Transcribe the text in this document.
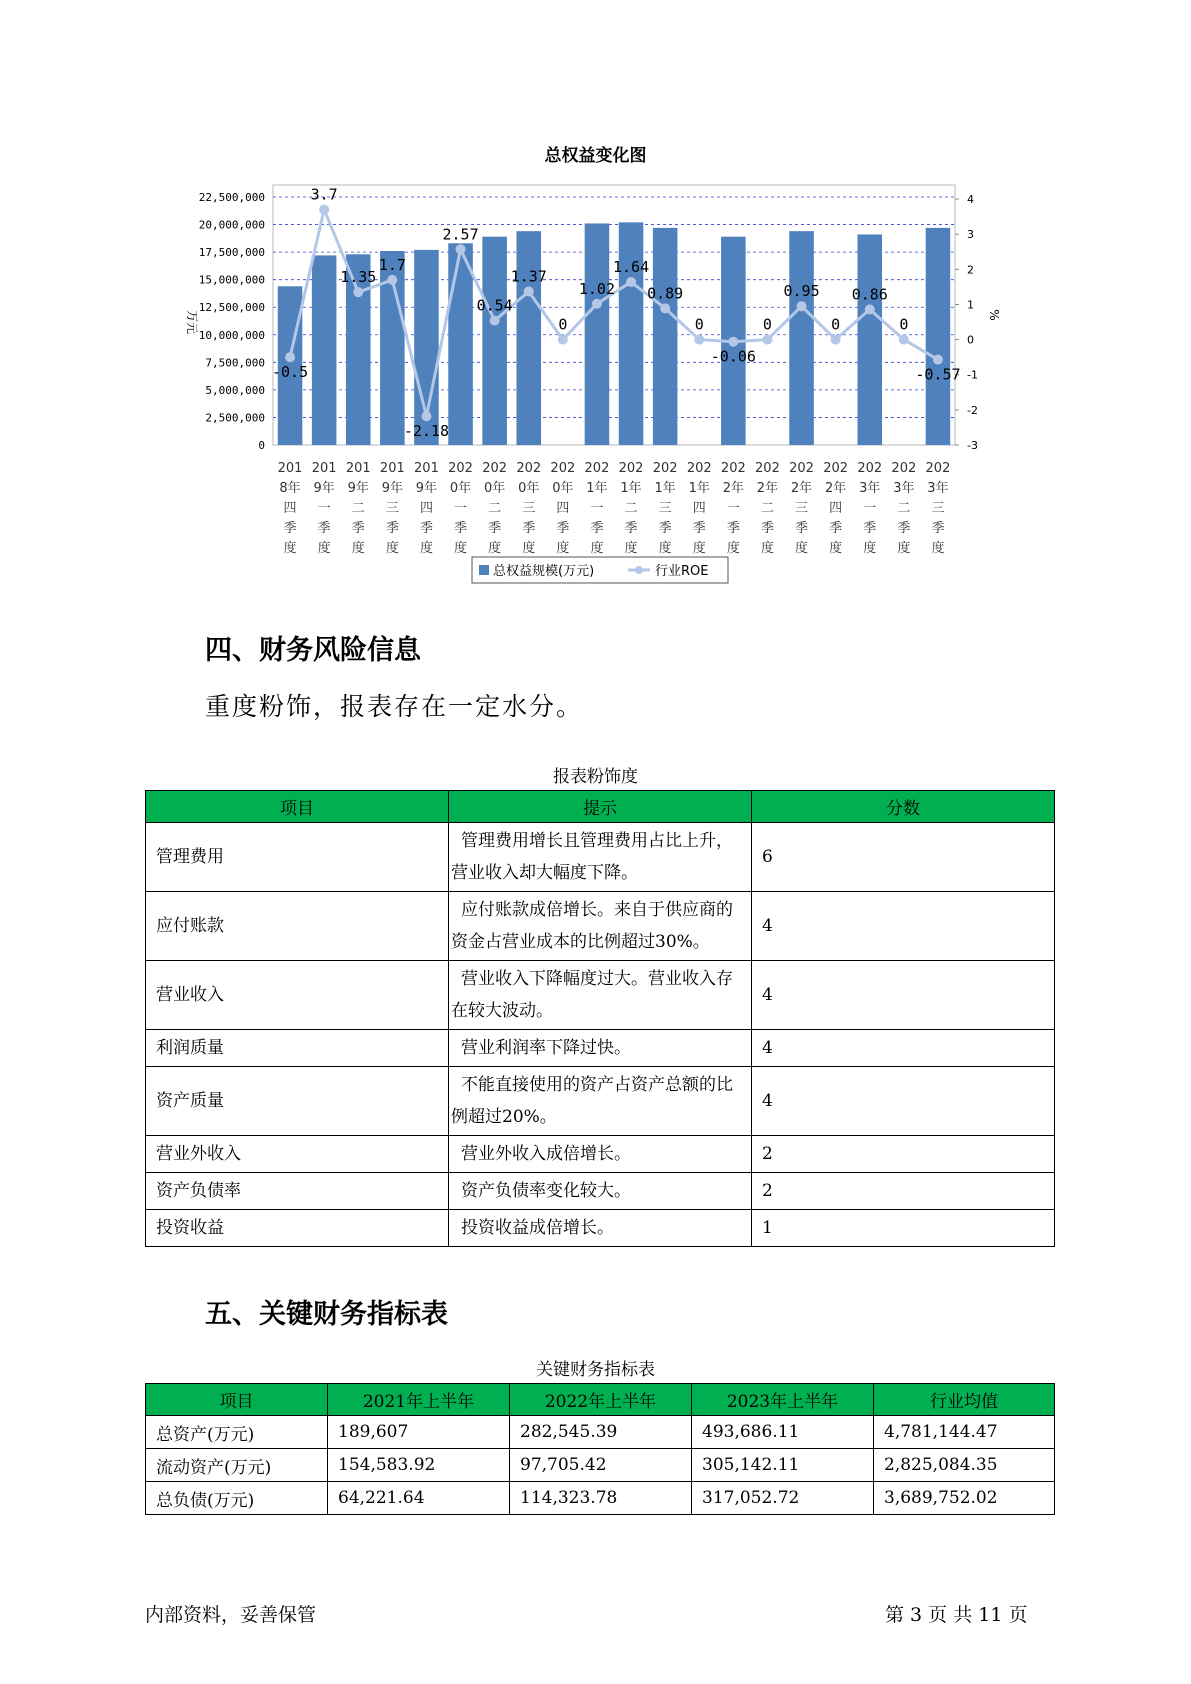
总权益变化图
0
2,500,000
5,000,000
7,500,000
10,000,000
12,500,000
15,000,000
17,500,000
20,000,000
22,500,000
-3
-2
-1
0
1
2
3
4
万元	%
-0.5
3.7
1.35
1.7
-2.18
2.57
0.54
1.37
0
1.02
1.64
0.89
0
-0.06
0
0.95
0
0.86
0
-0.57
201
8年
四
季
度
201
9年
一
季
度
201
9年
二
季
度
201
9年
三
季
度
201
9年
四
季
度
202
0年
一
季
度
202
0年
二
季
度
202
0年
三
季
度
202
0年
四
季
度
202
1年
一
季
度
202
1年
二
季
度
202
1年
三
季
度
202
1年
四
季
度
202
2年
一
季
度
202
2年
二
季
度
202
2年
三
季
度
202
2年
四
季
度
202
3年
一
季
度
202
3年
二
季
度
202
3年
三
季
度
总权益规模(万元)	行业ROE
四、财务风险信息
重度粉饰，报表存在一定水分。
报表粉饰度
项目	提示	分数
管理费用	管理费用增长且管理费用占比上升，营业收入却大幅度下降。	6
应付账款	应付账款成倍增长。来自于供应商的资金占营业成本的比例超过30%。	4
营业收入	营业收入下降幅度过大。营业收入存在较大波动。	4
利润质量	营业利润率下降过快。	4
资产质量	不能直接使用的资产占资产总额的比例超过20%。	4
营业外收入	营业外收入成倍增长。	2
资产负债率	资产负债率变化较大。	2
投资收益	投资收益成倍增长。	1
五、关键财务指标表
关键财务指标表
项目	2021年上半年	2022年上半年	2023年上半年	行业均值
总资产(万元)	189,607	282,545.39	493,686.11	4,781,144.47
流动资产(万元)	154,583.92	97,705.42	305,142.11	2,825,084.35
总负债(万元)	64,221.64	114,323.78	317,052.72	3,689,752.02
内部资料，妥善保管	第 3 页 共 11 页
